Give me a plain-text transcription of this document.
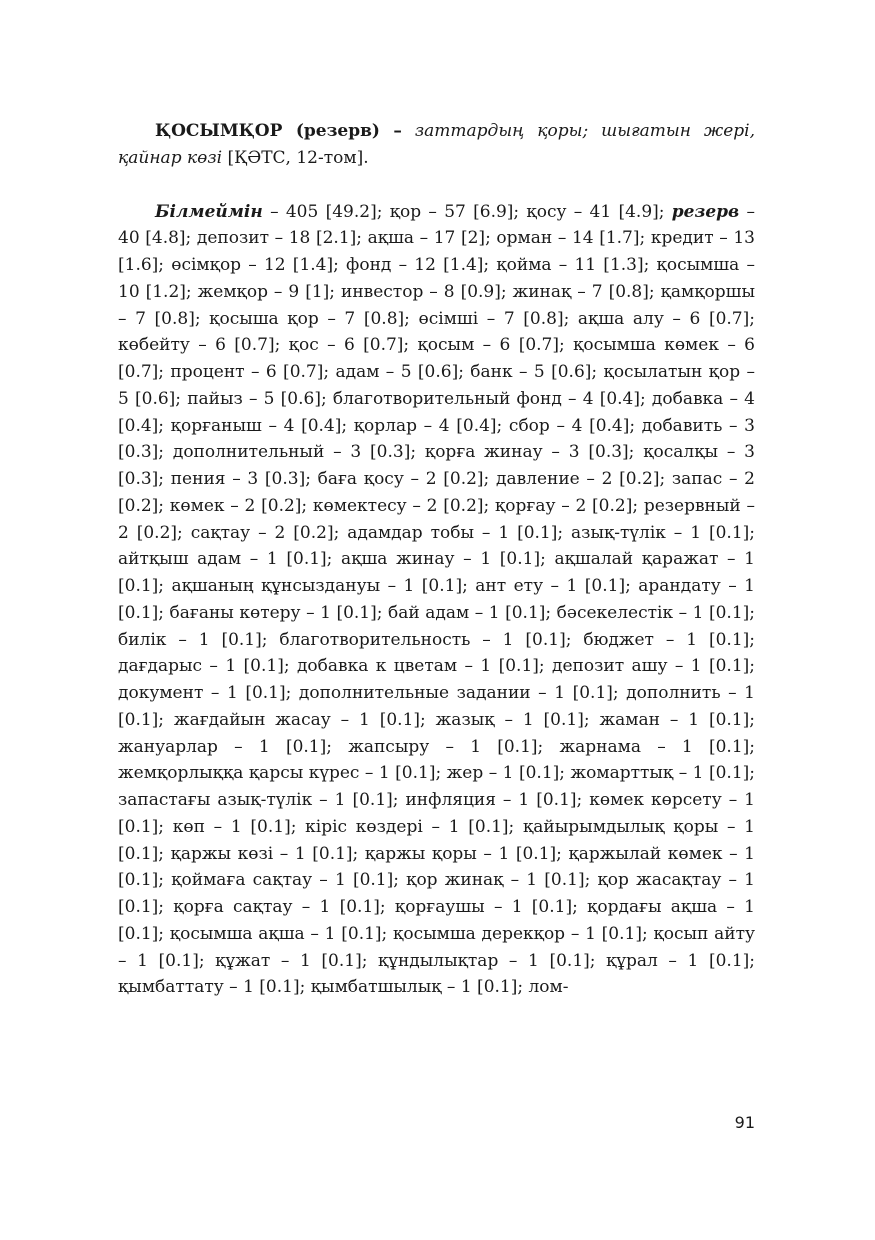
ҚОСЫМҚОР (резерв) – заттардың қоры; шығатын жері, қайнар көзі [ҚӘТС, 12-том].

Білмеймін – 405 [49.2]; қор – 57 [6.9]; қосу – 41 [4.9]; резерв – 40 [4.8]; депозит – 18 [2.1]; ақша – 17 [2]; орман – 14 [1.7]; кредит – 13 [1.6]; өсімқор – 12 [1.4]; фонд – 12 [1.4]; қойма – 11 [1.3]; қосымша – 10 [1.2]; жемқор – 9 [1]; инвестор – 8 [0.9]; жинақ – 7 [0.8]; қамқоршы – 7 [0.8]; қосыша қор – 7 [0.8]; өсімші – 7 [0.8]; ақша алу – 6 [0.7]; көбейту – 6 [0.7]; қос – 6 [0.7]; қосым – 6 [0.7]; қосымша көмек – 6 [0.7]; процент – 6 [0.7]; адам – 5 [0.6]; банк – 5 [0.6]; қосылатын қор – 5 [0.6]; пайыз – 5 [0.6]; благотворительный фонд – 4 [0.4]; добавка – 4 [0.4]; қорғаныш – 4 [0.4]; қорлар – 4 [0.4]; сбор – 4 [0.4]; добавить – 3 [0.3]; дополнительный – 3 [0.3]; қорға жинау – 3 [0.3]; қосалқы – 3 [0.3]; пения – 3 [0.3]; баға қосу – 2 [0.2]; давление – 2 [0.2]; запас – 2 [0.2]; көмек – 2 [0.2]; көмектесу – 2 [0.2]; қорғау – 2 [0.2]; резервный – 2 [0.2]; сақтау – 2 [0.2]; адамдар тобы – 1 [0.1]; азық-түлік – 1 [0.1]; айтқыш адам – 1 [0.1]; ақша жинау – 1 [0.1]; ақшалай қаражат – 1 [0.1]; ақшаның құнсыздануы – 1 [0.1]; ант ету – 1 [0.1]; арандату – 1 [0.1]; бағаны көтеру – 1 [0.1]; бай адам – 1 [0.1]; бәсекелестік – 1 [0.1]; билік – 1 [0.1]; благотворительность – 1 [0.1]; бюджет – 1 [0.1]; дағдарыс – 1 [0.1]; добавка к цветам – 1 [0.1]; депозит ашу – 1 [0.1]; документ – 1 [0.1]; дополнительные задании – 1 [0.1]; дополнить – 1 [0.1]; жағдайын жасау – 1 [0.1]; жазық – 1 [0.1]; жаман – 1 [0.1]; жануарлар – 1 [0.1]; жапсыру – 1 [0.1]; жарнама – 1 [0.1]; жемқорлыққа қарсы күрес – 1 [0.1]; жер – 1 [0.1]; жомарттық – 1 [0.1]; запастағы азық-түлік – 1 [0.1]; инфляция – 1 [0.1]; көмек көрсету – 1 [0.1]; көп – 1 [0.1]; кіріс көздері – 1 [0.1]; қайырымдылық қоры – 1 [0.1]; қаржы көзі – 1 [0.1]; қаржы қоры – 1 [0.1]; қаржылай көмек – 1 [0.1]; қоймаға сақтау – 1 [0.1]; қор жинақ – 1 [0.1]; қор жасақтау – 1 [0.1]; қорға сақтау – 1 [0.1]; қорғаушы – 1 [0.1]; қордағы ақша – 1 [0.1]; қосымша ақша – 1 [0.1]; қосымша дерекқор – 1 [0.1]; қосып айту – 1 [0.1]; құжат – 1 [0.1]; құндылықтар – 1 [0.1]; құрал – 1 [0.1]; қымбаттату – 1 [0.1]; қымбатшылық – 1 [0.1]; лом-

91
